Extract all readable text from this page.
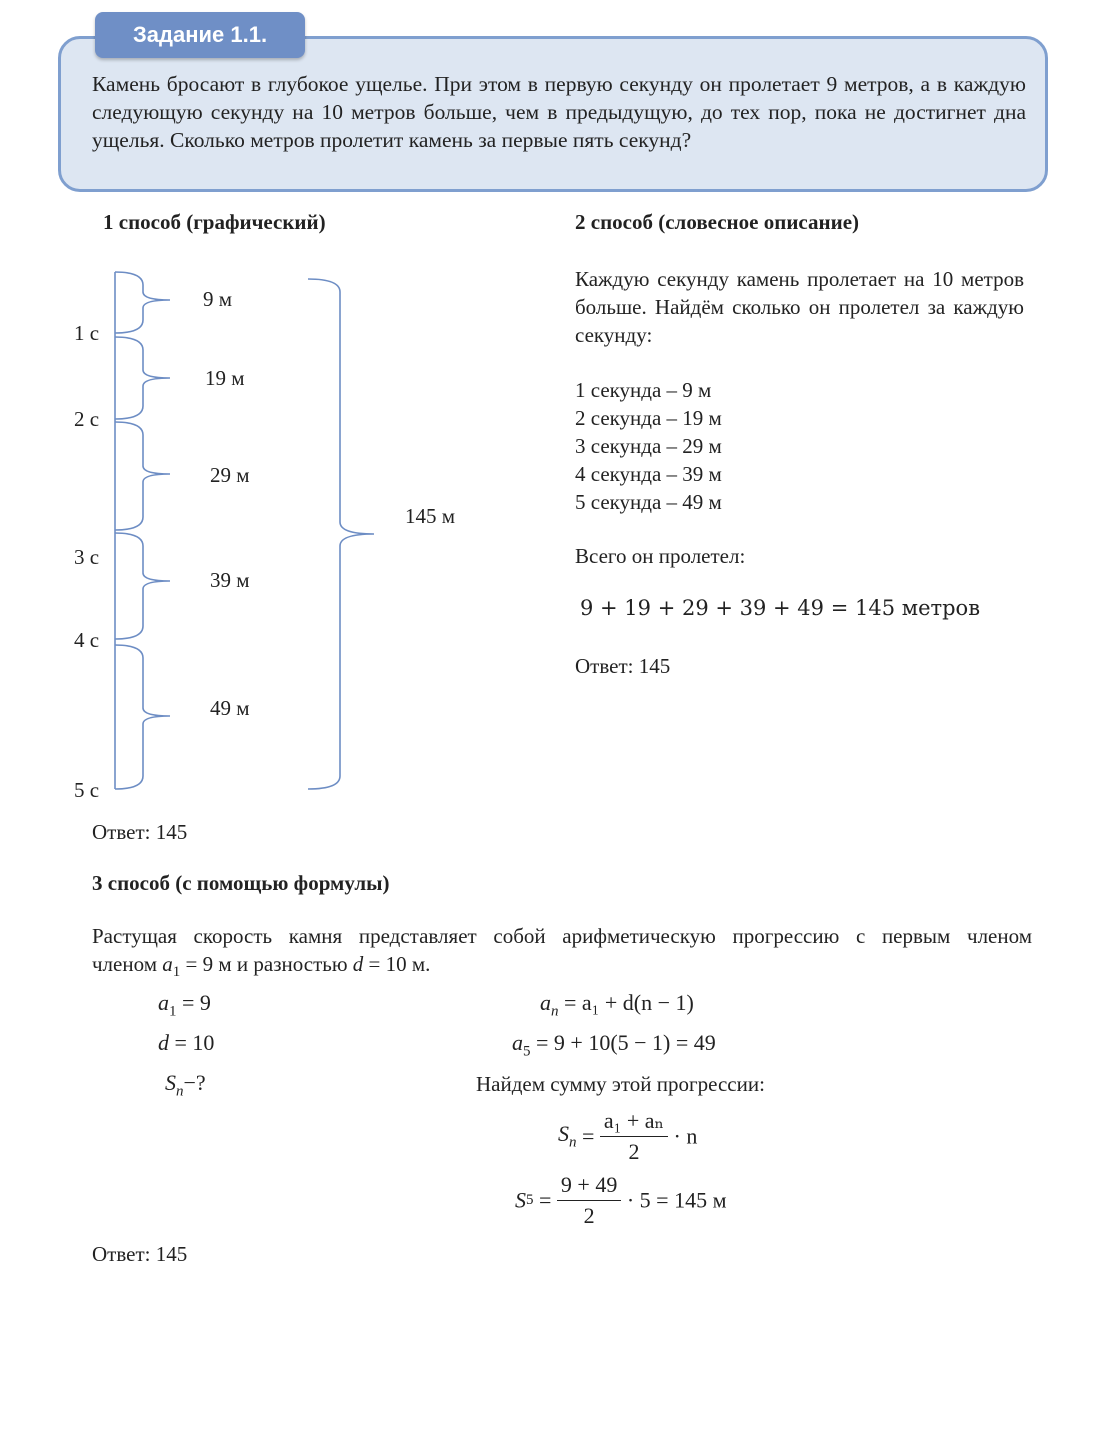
Задание 1.1.
Камень бросают в глубокое ущелье. При этом в первую секунду он пролетает 9 метров, а в каждую следующую секунду на 10 метров больше, чем в предыдущую, до тех пор, пока не достигнет дна ущелья. Сколько метров пролетит камень за первые пять секунд?
1 способ (графический)
1 с
2 с
3 с
4 с
5 с
9 м
19 м
29 м
39 м
49 м
145 м
Ответ: 145
2 способ (словесное описание)
Каждую секунду камень пролетает на 10 метров больше. Найдём сколько он пролетел за каждую секунду:
1 секунда – 9 м
2 секунда – 19 м
3 секунда – 29 м
4 секунда – 39 м
5 секунда – 49 м
Всего он пролетел:
9 + 19 + 29 + 39 + 49 = 145 метров
Ответ: 145
3 способ (с помощью формулы)
Растущая скорость камня представляет собой арифметическую прогрессию с первым членом
членом $a_1 = 9$ м и разностью d = 10 м.
$a_1 = 9$
d = 10
$S_n-$?
$a_n = a_1 + d(n - 1)$
$a_5 = 9 + 10(5 - 1) = 49$
Найдем сумму этой прогрессии:
$S_n = \frac{\text{a₁ + aₙ}}{2} \cdot n$
$S5 = \frac{9 + 49}{2} \cdot 5 = 145$ м
Ответ: 145
